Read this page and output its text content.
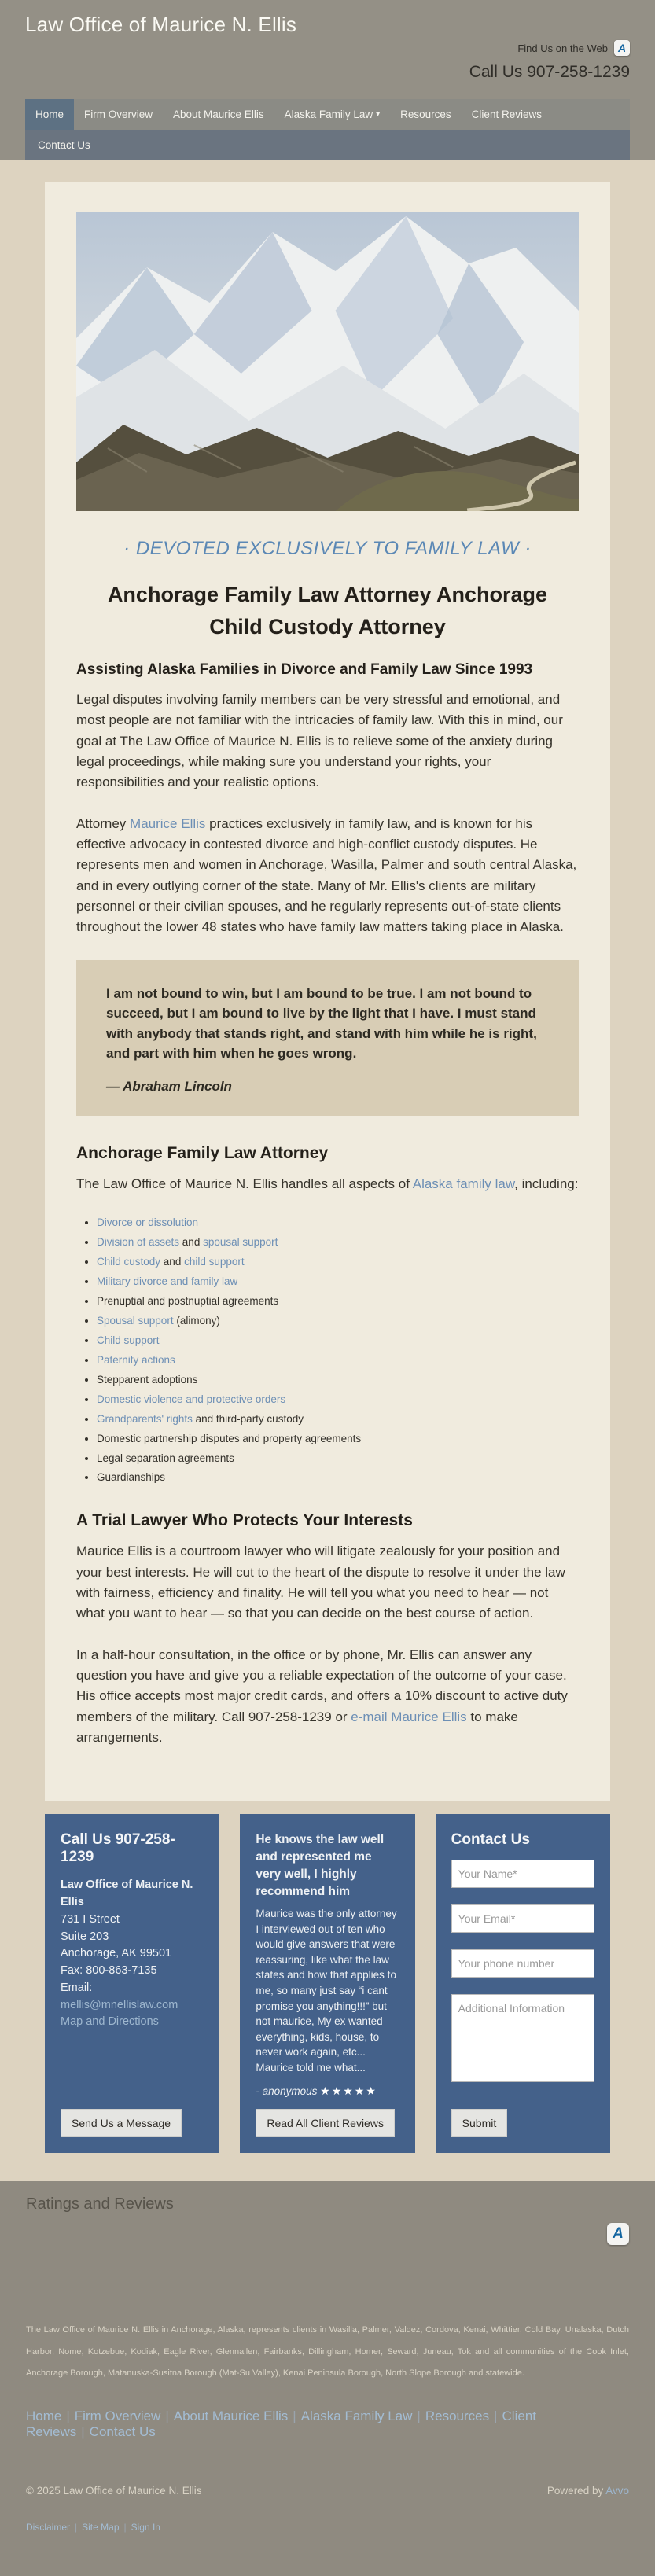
Law Office of Maurice N. Ellis
Find Us on the Web A
Call Us 907-258-1239
Home Firm Overview About Maurice Ellis Alaska Family Law ▾ Resources Client Reviews
Contact Us
· DEVOTED EXCLUSIVELY TO FAMILY LAW ·
Anchorage Family Law Attorney Anchorage Child Custody Attorney
Assisting Alaska Families in Divorce and Family Law Since 1993

Legal disputes involving family members can be very stressful and emotional, and most people are not familiar with the intricacies of family law. With this in mind, our goal at The Law Office of Maurice N. Ellis is to relieve some of the anxiety during legal proceedings, while making sure you understand your rights, your responsibilities and your realistic options.

Attorney Maurice Ellis practices exclusively in family law, and is known for his effective advocacy in contested divorce and high-conflict custody disputes. He represents men and women in Anchorage, Wasilla, Palmer and south central Alaska, and in every outlying corner of the state. Many of Mr. Ellis's clients are military personnel or their civilian spouses, and he regularly represents out-of-state clients throughout the lower 48 states who have family law matters taking place in Alaska.

I am not bound to win, but I am bound to be true. I am not bound to succeed, but I am bound to live by the light that I have. I must stand with anybody that stands right, and stand with him while he is right, and part with him when he goes wrong.

— Abraham Lincoln

Anchorage Family Law Attorney

The Law Office of Maurice N. Ellis handles all aspects of Alaska family law, including:

• Divorce or dissolution
• Division of assets and spousal support
• Child custody and child support
• Military divorce and family law
• Prenuptial and postnuptial agreements
• Spousal support (alimony)
• Child support
• Paternity actions
• Stepparent adoptions
• Domestic violence and protective orders
• Grandparents' rights and third-party custody
• Domestic partnership disputes and property agreements
• Legal separation agreements
• Guardianships
A Trial Lawyer Who Protects Your Interests

Maurice Ellis is a courtroom lawyer who will litigate zealously for your position and your best interests. He will cut to the heart of the dispute to resolve it under the law with fairness, efficiency and finality. He will tell you what you need to hear — not what you want to hear — so that you can decide on the best course of action.

In a half-hour consultation, in the office or by phone, Mr. Ellis can answer any question you have and give you a reliable expectation of the outcome of your case. His office accepts most major credit cards, and offers a 10% discount to active duty members of the military. Call 907-258-1239 or e-mail Maurice Ellis to make arrangements.

Call Us 907-258-1239
Law Office of Maurice N. Ellis
731 I Street
Suite 203
Anchorage, AK 99501
Fax: 800-863-7135
Email: mellis@mnellislaw.com
Map and Directions
Send Us a Message

He knows the law well and represented me very well, I highly recommend him

Maurice was the only attorney I interviewed out of ten who would give answers that were reassuring, like what the law states and how that applies to me, so many just say “i cant promise you anything!!!” but not maurice, My ex wanted everything, kids, house, to never work again, etc... Maurice told me what...
- anonymous ★★★★★
Read All Client Reviews
Contact Us
Your Name*
Your Email*
Your phone number
Additional Information
Submit
Ratings and Reviews
A

The Law Office of Maurice N. Ellis in Anchorage, Alaska, represents clients in Wasilla, Palmer, Valdez, Cordova, Kenai, Whittier, Cold Bay, Unalaska, Dutch Harbor, Nome, Kotzebue, Kodiak, Eagle River, Glennallen, Fairbanks, Dillingham, Homer, Seward, Juneau, Tok and all communities of the Cook Inlet, Anchorage Borough, Matanuska-Susitna Borough (Mat-Su Valley), Kenai Peninsula Borough, North Slope Borough and statewide.

Home | Firm Overview | About Maurice Ellis | Alaska Family Law | Resources | Client Reviews | Contact Us
© 2025 Law Office of Maurice N. Ellis	Powered by Avvo
Disclaimer | Site Map | Sign In
